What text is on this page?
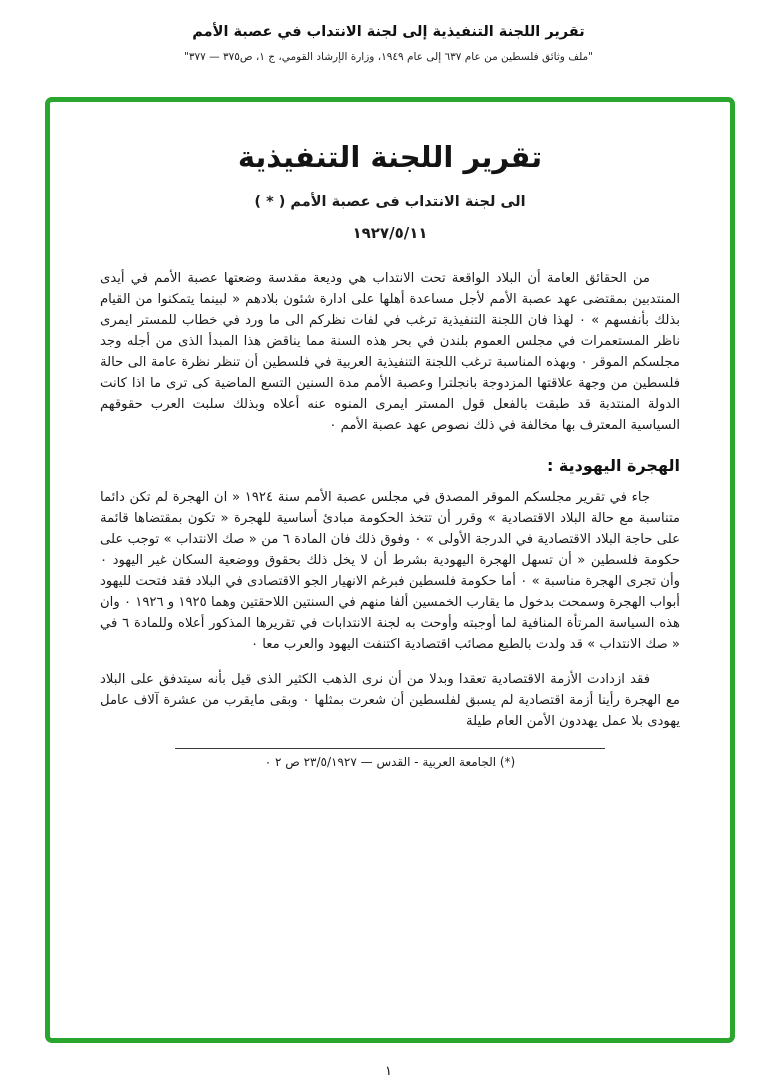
تقرير اللجنة التنفيذية إلى لجنة الانتداب في عصبة الأمم
"ملف وثائق فلسطين من عام ٦٣٧ إلى عام ١٩٤٩، وزارة الإرشاد القومي، ج ١، ص٣٧٥ — ٣٧٧"
تقرير اللجنة التنفيذية
الى لجنة الانتداب فى عصبة الأمم ( * )
١٩٢٧/٥/١١

من الحقائق العامة أن البلاد الواقعة تحت الانتداب هي وديعة مقدسة وضعتها عصبة الأمم في أيدى المنتدبين بمقتضى عهد عصبة الأمم لأجل مساعدة أهلها على ادارة شئون بلادهم « لبينما يتمكنوا من القيام بذلك بأنفسهم » ٠ لهذا فان اللجنة التنفيذية ترغب في لفات نظركم الى ما ورد في خطاب للمستر ايمرى ناظر المستعمرات في مجلس العموم بلندن في بحر هذه السنة مما يناقض هذا المبدأ الذى من أجله وجد مجلسكم الموقر ٠ وبهذه المناسبة ترغب اللجنة التنفيذية العربية في فلسطين أن تنظر نظرة عامة الى حالة فلسطين من وجهة علاقتها المزدوجة بانجلترا وعصبة الأمم مدة السنين التسع الماضية كى ترى ما اذا كانت الدولة المنتدبة قد طبقت بالفعل قول المستر ايمرى المنوه عنه أعلاه وبذلك سلبت العرب حقوقهم السياسية المعترف بها مخالفة في ذلك نصوص عهد عصبة الأمم ٠

الهجرة اليهودية :

جاء في تقرير مجلسكم الموقر المصدق في مجلس عصبة الأمم سنة ١٩٢٤ « ان الهجرة لم تكن دائما متناسبة مع حالة البلاد الاقتصادية » وقرر أن تتخذ الحكومة مبادئ أساسية للهجرة « تكون بمقتضاها قائمة على حاجة البلاد الاقتصادية في الدرجة الأولى » ٠ وفوق ذلك فان المادة ٦ من « صك الانتداب » توجب على حكومة فلسطين « أن تسهل الهجرة اليهودية بشرط أن لا يخل ذلك بحقوق ووضعية السكان غير اليهود ٠ وأن تجرى الهجرة مناسبة » ٠ أما حكومة فلسطين فبرغم الانهيار الجو الاقتصادى في البلاد فقد فتحت لليهود أبواب الهجرة وسمحت بدخول ما يقارب الخمسين ألفا منهم في السنتين اللاحقتين وهما ١٩٢٥ و ١٩٢٦ ٠ وان هذه السياسة المرتأة المنافية لما أوجبته وأوحت به لجنة الانتدابات في تقريرها المذكور أعلاه وللمادة ٦ في « صك الانتداب » قد ولدت بالطبع مصائب اقتصادية اكتنفت اليهود والعرب معا ٠

فقد ازدادت الأزمة الاقتصادية تعقدا وبدلا من أن نرى الذهب الكثير الذى قيل بأنه سيتدفق على البلاد مع الهجرة رأينا أزمة اقتصادية لم يسبق لفلسطين أن شعرت بمثلها ٠ وبقى مايقرب من عشرة آلاف عامل يهودى بلا عمل يهددون الأمن العام طيلة

(*) الجامعة العربية - القدس — ٢٣/٥/١٩٢٧ ص ٢ ٠
١
